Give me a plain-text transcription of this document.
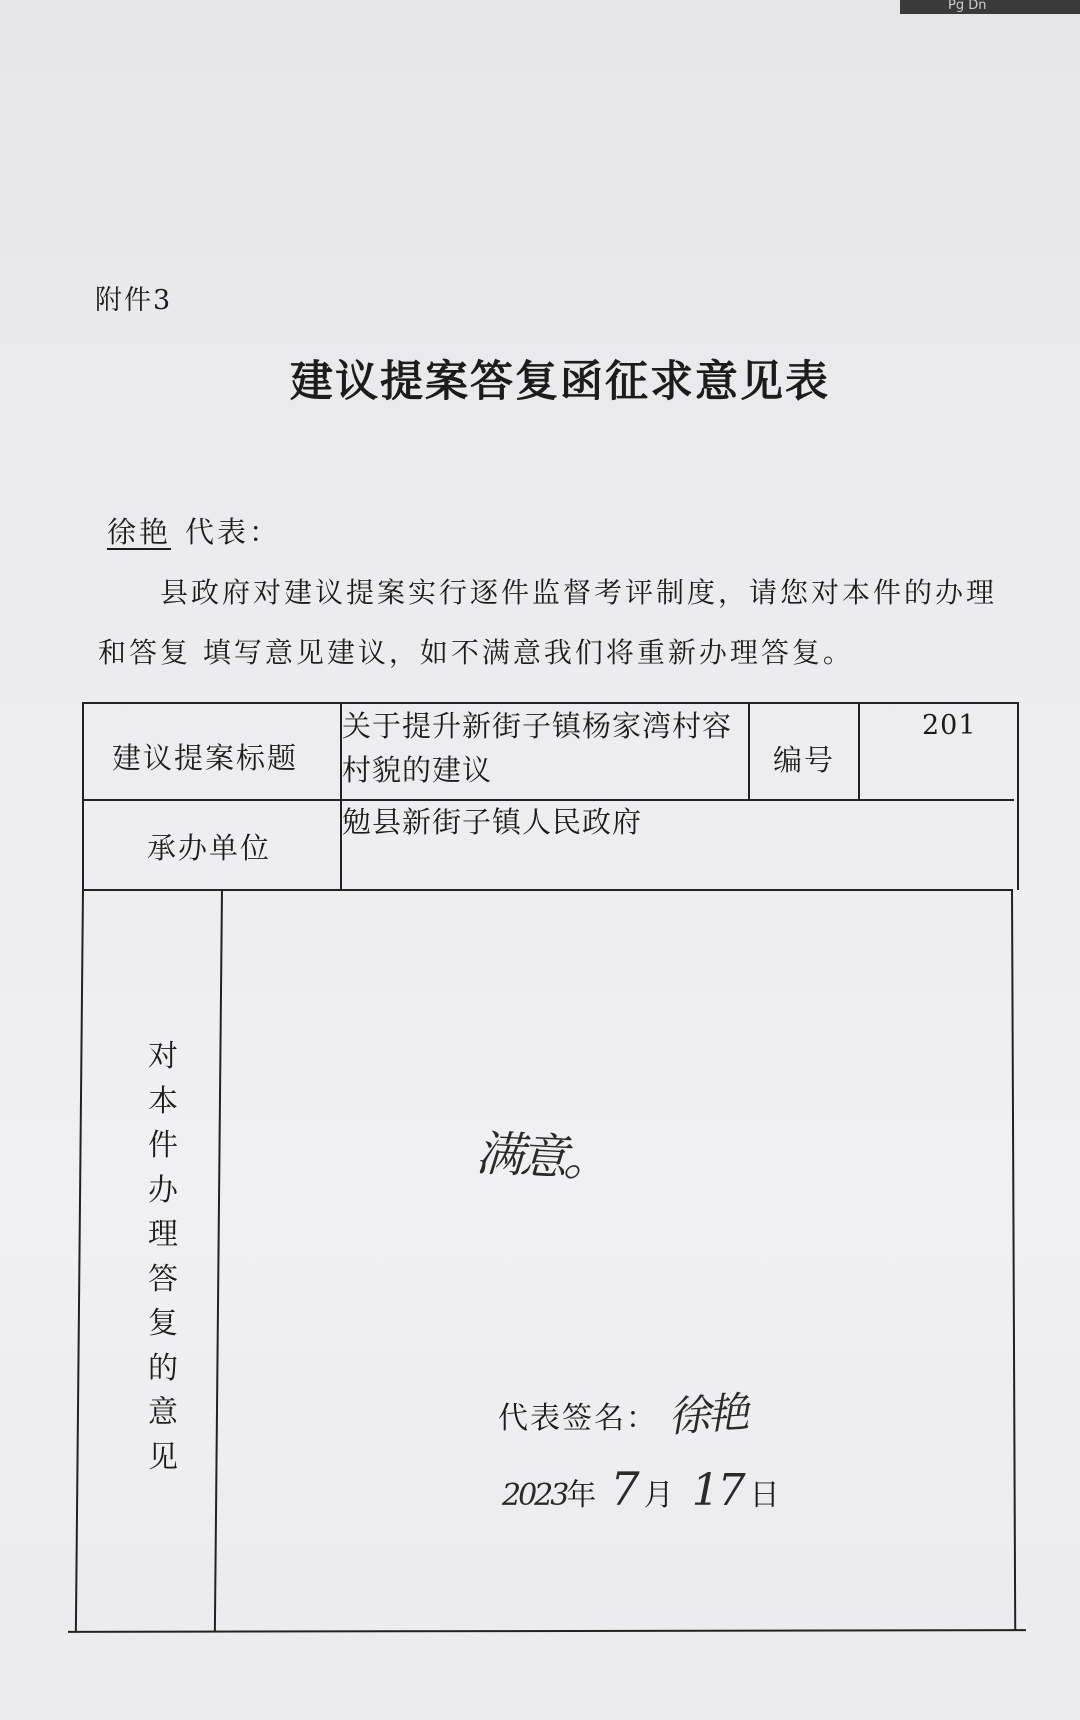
Pg Dn
附件3
建议提案答复函征求意见表
徐艳 代表：
县政府对建议提案实行逐件监督考评制度，请您对本件的办理和答复 填写意见建议，如不满意我们将重新办理答复。
建议提案标题
关于提升新街子镇杨家湾村容村貌的建议	编号
201
承办单位
勉县新街子镇人民政府
对本件办理答复的意见
满意。
代表签名： 徐艳
2023年 7 月 17 日
